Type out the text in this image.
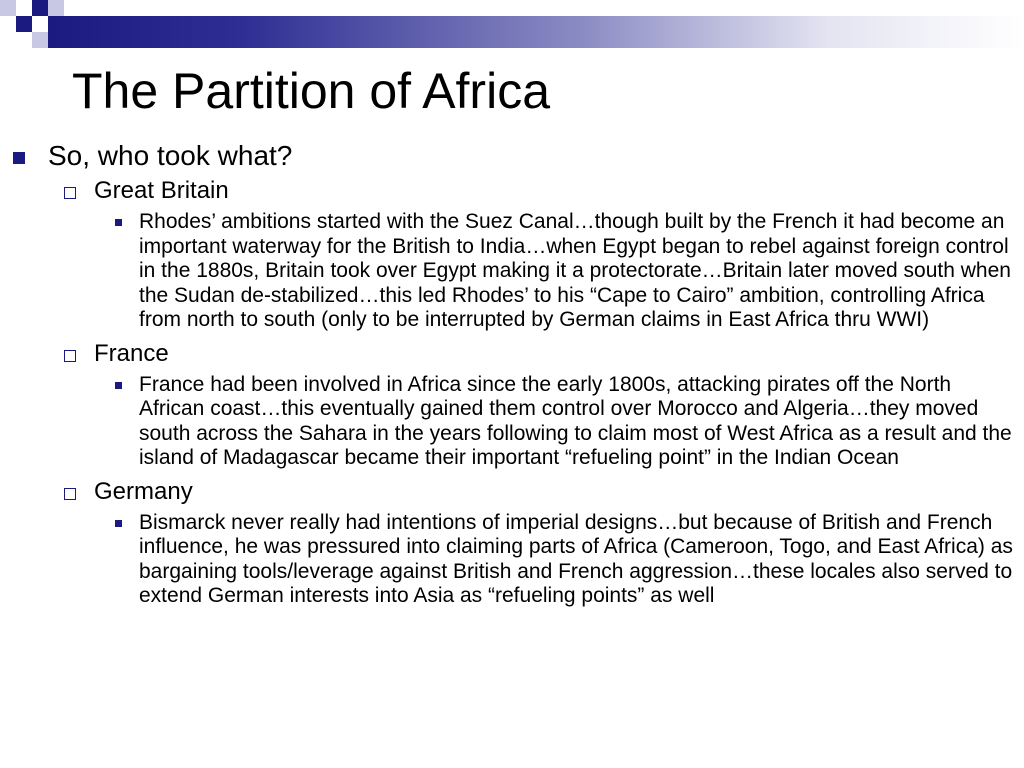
The Partition of Africa
So, who took what?
Great Britain
Rhodes’ ambitions started with the Suez Canal…though built by the French it had become an important waterway for the British to India…when Egypt began to rebel against foreign control in the 1880s, Britain took over Egypt making it a protectorate…Britain later moved south when the Sudan de-stabilized…this led Rhodes’ to his “Cape to Cairo” ambition, controlling Africa from north to south (only to be interrupted by German claims in East Africa thru WWI)
France
France had been involved in Africa since the early 1800s, attacking pirates off the North African coast…this eventually gained them control over Morocco and Algeria…they moved south across the Sahara in the years following to claim most of West Africa as a result and the island of Madagascar became their important “refueling point” in the Indian Ocean
Germany
Bismarck never really had intentions of imperial designs…but because of British and French influence, he was pressured into claiming parts of Africa (Cameroon, Togo, and East Africa) as bargaining tools/leverage against British and French aggression…these locales also served to extend German interests into Asia as “refueling points” as well
